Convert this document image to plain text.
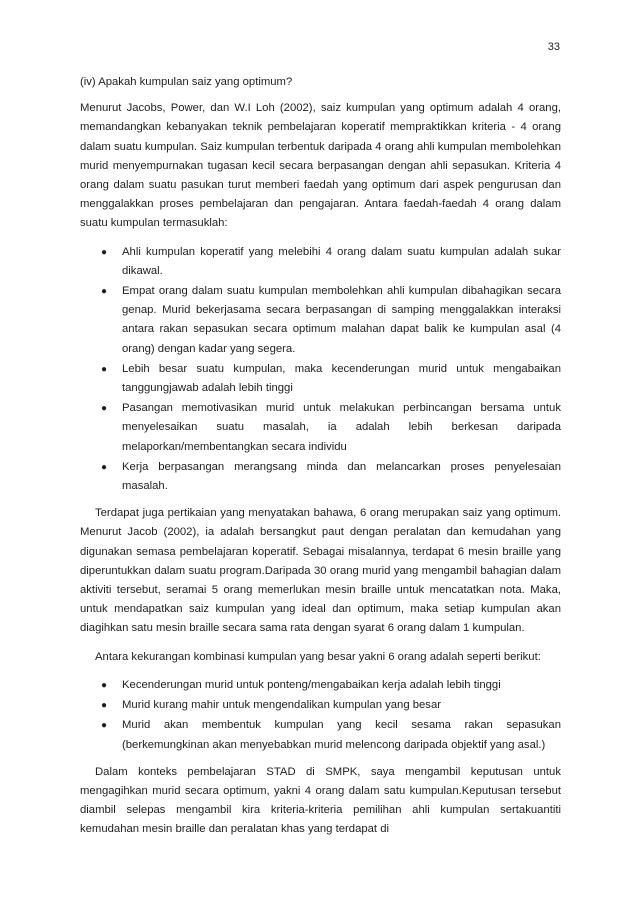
33
(iv) Apakah kumpulan saiz yang optimum?

Menurut Jacobs, Power, dan W.I Loh (2002), saiz kumpulan yang optimum adalah 4 orang, memandangkan kebanyakan teknik pembelajaran koperatif mempraktikkan kriteria - 4 orang dalam suatu kumpulan. Saiz kumpulan terbentuk daripada 4 orang ahli kumpulan membolehkan murid menyempurnakan tugasan kecil secara berpasangan dengan ahli sepasukan. Kriteria 4 orang dalam suatu pasukan turut memberi faedah yang optimum dari aspek pengurusan dan menggalakkan proses pembelajaran dan pengajaran. Antara faedah-faedah 4 orang dalam suatu kumpulan termasuklah:

● Ahli kumpulan koperatif yang melebihi 4 orang dalam suatu kumpulan adalah sukar dikawal.
● Empat orang dalam suatu kumpulan membolehkan ahli kumpulan dibahagikan secara genap. Murid bekerjasama secara berpasangan di samping menggalakkan interaksi antara rakan sepasukan secara optimum malahan dapat balik ke kumpulan asal (4 orang) dengan kadar yang segera.
● Lebih besar suatu kumpulan, maka kecenderungan murid untuk mengabaikan tanggungjawab adalah lebih tinggi
● Pasangan memotivasikan murid untuk melakukan perbincangan bersama untuk menyelesaikan suatu masalah, ia adalah lebih berkesan daripada melaporkan/membentangkan secara individu
● Kerja berpasangan merangsang minda dan melancarkan proses penyelesaian masalah.

Terdapat juga pertikaian yang menyatakan bahawa, 6 orang merupakan saiz yang optimum. Menurut Jacob (2002), ia adalah bersangkut paut dengan peralatan dan kemudahan yang digunakan semasa pembelajaran koperatif. Sebagai misalannya, terdapat 6 mesin braille yang diperuntukkan dalam suatu program.Daripada 30 orang murid yang mengambil bahagian dalam aktiviti tersebut, seramai 5 orang memerlukan mesin braille untuk mencatatkan nota. Maka, untuk mendapatkan saiz kumpulan yang ideal dan optimum, maka setiap kumpulan akan diagihkan satu mesin braille secara sama rata dengan syarat 6 orang dalam 1 kumpulan.

Antara kekurangan kombinasi kumpulan yang besar yakni 6 orang adalah seperti berikut:

● Kecenderungan murid untuk ponteng/mengabaikan kerja adalah lebih tinggi
● Murid kurang mahir untuk mengendalikan kumpulan yang besar
● Murid akan membentuk kumpulan yang kecil sesama rakan sepasukan (berkemungkinan akan menyebabkan murid melencong daripada objektif yang asal.)

Dalam konteks pembelajaran STAD di SMPK, saya mengambil keputusan untuk mengagihkan murid secara optimum, yakni 4 orang dalam satu kumpulan.Keputusan tersebut diambil selepas mengambil kira kriteria-kriteria pemilihan ahli kumpulan sertakuantiti kemudahan mesin braille dan peralatan khas yang terdapat di
